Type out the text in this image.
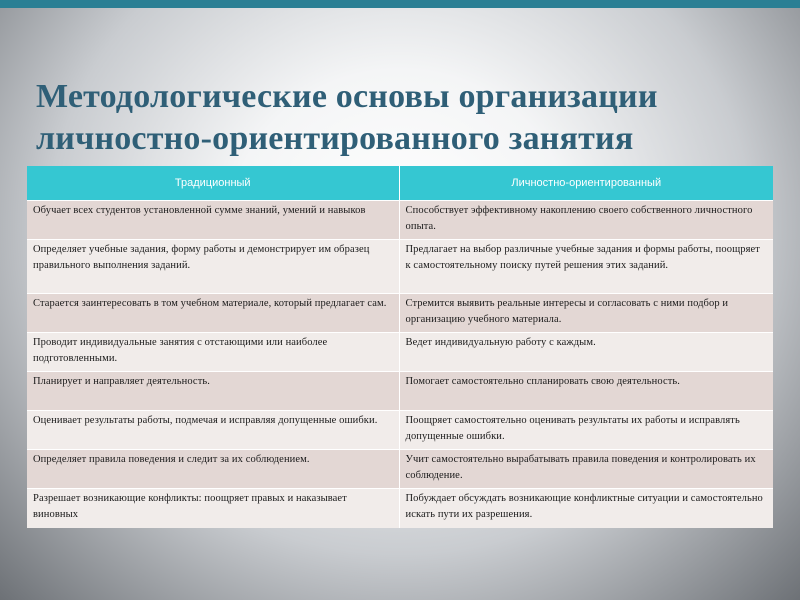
Методологические основы организации
личностно-ориентированного занятия
Традиционный	Личностно-ориентированный
Обучает всех студентов установленной сумме знаний, умений и навыков	Способствует эффективному накоплению своего собственного личностного опыта.
Определяет учебные задания, форму работы и демонстрирует им образец правильного выполнения заданий.	Предлагает на выбор различные учебные задания и формы работы, поощряет к самостоятельному поиску путей решения этих заданий.
Старается заинтересовать в том учебном материале, который предлагает сам.	Стремится выявить реальные интересы и согласовать с ними подбор и организацию учебного материала.
Проводит индивидуальные занятия с отстающими или наиболее подготовленными.	Ведет индивидуальную работу с каждым.
Планирует и направляет деятельность.	Помогает самостоятельно спланировать свою деятельность.
Оценивает результаты работы, подмечая и исправляя допущенные ошибки.	Поощряет самостоятельно оценивать результаты их работы и исправлять допущенные ошибки.
Определяет правила поведения и следит за их соблюдением.	Учит самостоятельно вырабатывать правила поведения и контролировать их соблюдение.
Разрешает возникающие конфликты: поощряет правых и наказывает виновных	Побуждает обсуждать возникающие конфликтные ситуации и самостоятельно искать пути их разрешения.
